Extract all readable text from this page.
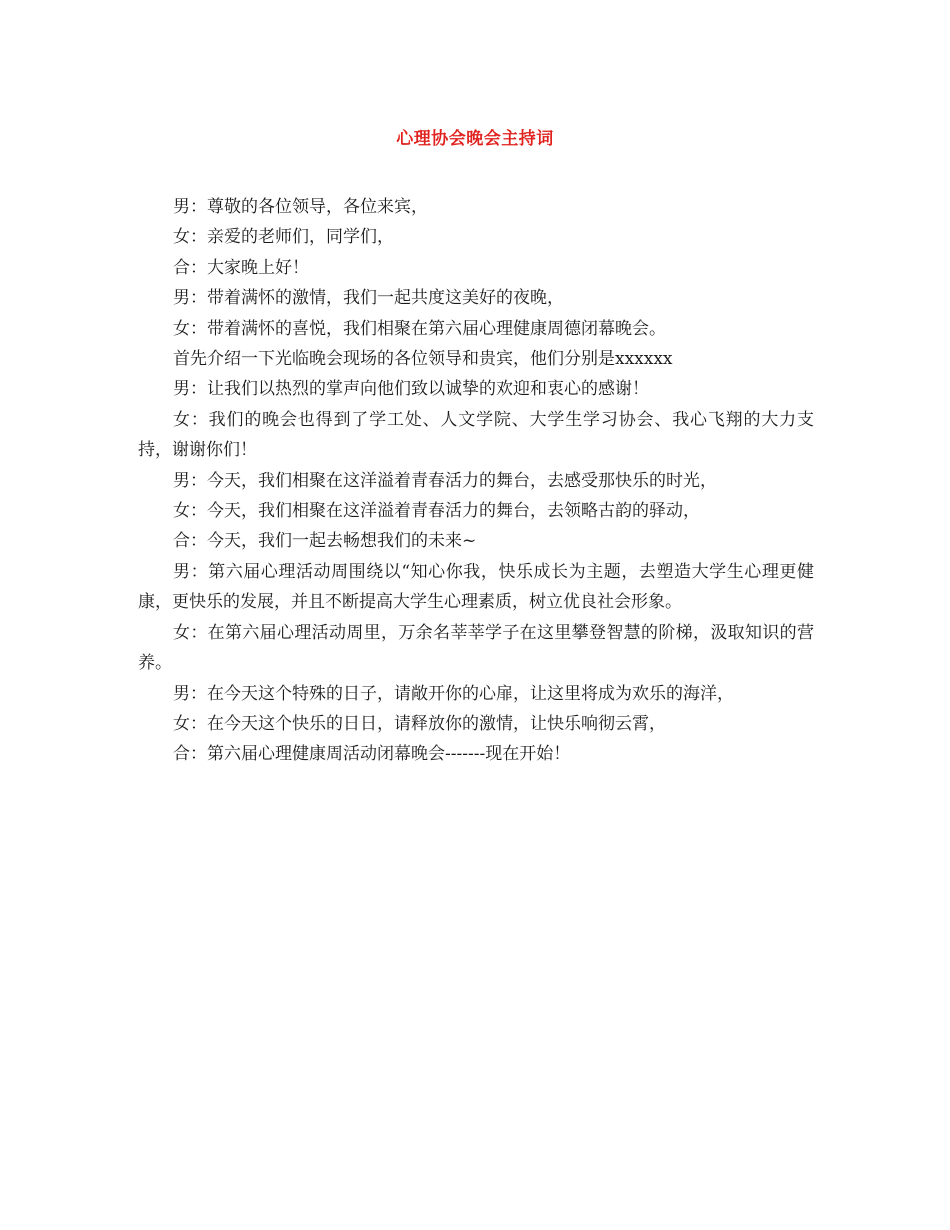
心理协会晚会主持词

男：尊敬的各位领导，各位来宾，

女：亲爱的老师们，同学们，

合：大家晚上好！

男：带着满怀的激情，我们一起共度这美好的夜晚，

女：带着满怀的喜悦，我们相聚在第六届心理健康周德闭幕晚会。

首先介绍一下光临晚会现场的各位领导和贵宾，他们分别是xxxxxx

男：让我们以热烈的掌声向他们致以诚挚的欢迎和衷心的感谢！

女：我们的晚会也得到了学工处、人文学院、大学生学习协会、我心飞翔的大力支持，谢谢你们！

男：今天，我们相聚在这洋溢着青春活力的舞台，去感受那快乐的时光，

女：今天，我们相聚在这洋溢着青春活力的舞台，去领略古韵的驿动，

合：今天，我们一起去畅想我们的未来~

男：第六届心理活动周围绕以“知心你我，快乐成长为主题，去塑造大学生心理更健康，更快乐的发展，并且不断提高大学生心理素质，树立优良社会形象。

女：在第六届心理活动周里，万余名莘莘学子在这里攀登智慧的阶梯，汲取知识的营养。

男：在今天这个特殊的日子，请敞开你的心扉，让这里将成为欢乐的海洋，

女：在今天这个快乐的日日，请释放你的激情，让快乐响彻云霄，

合：第六届心理健康周活动闭幕晚会-------现在开始！
